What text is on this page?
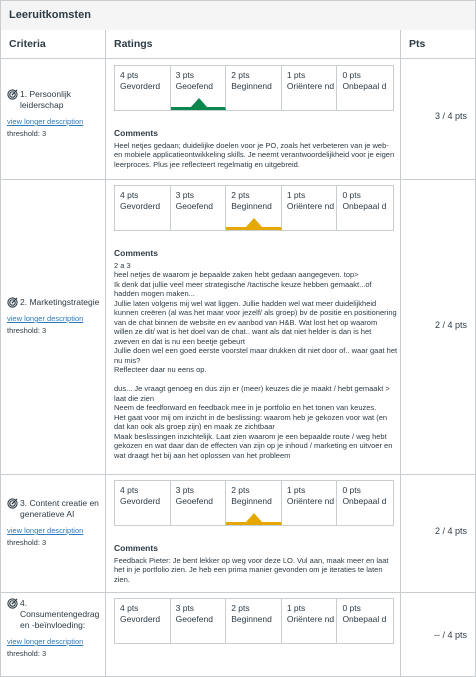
Leeruitkomsten
Criteria	Ratings	Pts
1. Persoonlijk leiderschap
view longer description
threshold: 3
4 pts
Gevorderd
3 pts
Geoefend
2 pts
Beginnend
1 pts
Oriëntere nd
0 pts
Onbepaal d
Comments
Heel netjes gedaan; duidelijke doelen voor je PO, zoals het verbeteren van je web- en mobiele applicatieontwikkeling skills. Je neemt verantwoordelijkheid voor je eigen leerproces. Plus jee reflecteert regelmatig en uitgebreid.
3 / 4 pts
2. Marketingstrategie
view longer description
threshold: 3
4 pts
Gevorderd
3 pts
Geoefend
2 pts
Beginnend
1 pts
Oriëntere nd
0 pts
Onbepaal d
Comments
2 a 3
heel netjes de waarom je bepaalde zaken hebt gedaan aangegeven. top>
Ik denk dat jullie veel meer strategische /tactische keuze hebben gemaakt...of hadden mogen maken...
Jullie laten volgens mij wel wat liggen. Jullie hadden wel wat meer duidelijkheid kunnen creëren (al was het maar voor jezelf/ als groep) bv de positie en positionering van de chat binnen de website en ev aanbod van H&B. Wat lost het op waarom willen ze dit/ wat is het doel van de chat.. want als dat niet helder is dan is het zweven en dat is nu een beetje gebeurt
Jullie doen wel een goed eerste voorstel maar drukken dit niet door of.. waar gaat het nu mis?
Reflecteer daar nu eens op.

dus... Je vraagt genoeg en dus zijn er (meer) keuzes die je maakt / hebt gemaakt > laat die zien
Neem de feedforward en feedback mee in je portfolio en het tonen van keuzes.
Het gaat voor mij om inzicht in de beslissing: waarom heb je gekozen voor wat (en dat kan ook als groep zijn) en maak ze zichtbaar
Maak beslissingen inzichtelijk. Laat zien waarom je een bepaalde route / weg hebt gekozen en wat daar dan de effecten van zijn op je inhoud / marketing en uitvoer en wat draagt het bij aan het oplossen van het probleem
2 / 4 pts
3. Content creatie en generatieve AI
view longer description
threshold: 3
4 pts
Gevorderd
3 pts
Geoefend
2 pts
Beginnend
1 pts
Oriëntere nd
0 pts
Onbepaal d
Comments
Feedback Pieter: Je bent lekker op weg voor deze LO. Vul aan, maak meer en laat het in je portfolio zien. Je heb een prima manier gevonden om je iteraties te laten zien.
2 / 4 pts
4. Consumentengedrag en -beïnvloeding:
view longer description
threshold: 3
4 pts
Gevorderd
3 pts
Geoefend
2 pts
Beginnend
1 pts
Oriëntere nd
0 pts
Onbepaal d
-- / 4 pts
